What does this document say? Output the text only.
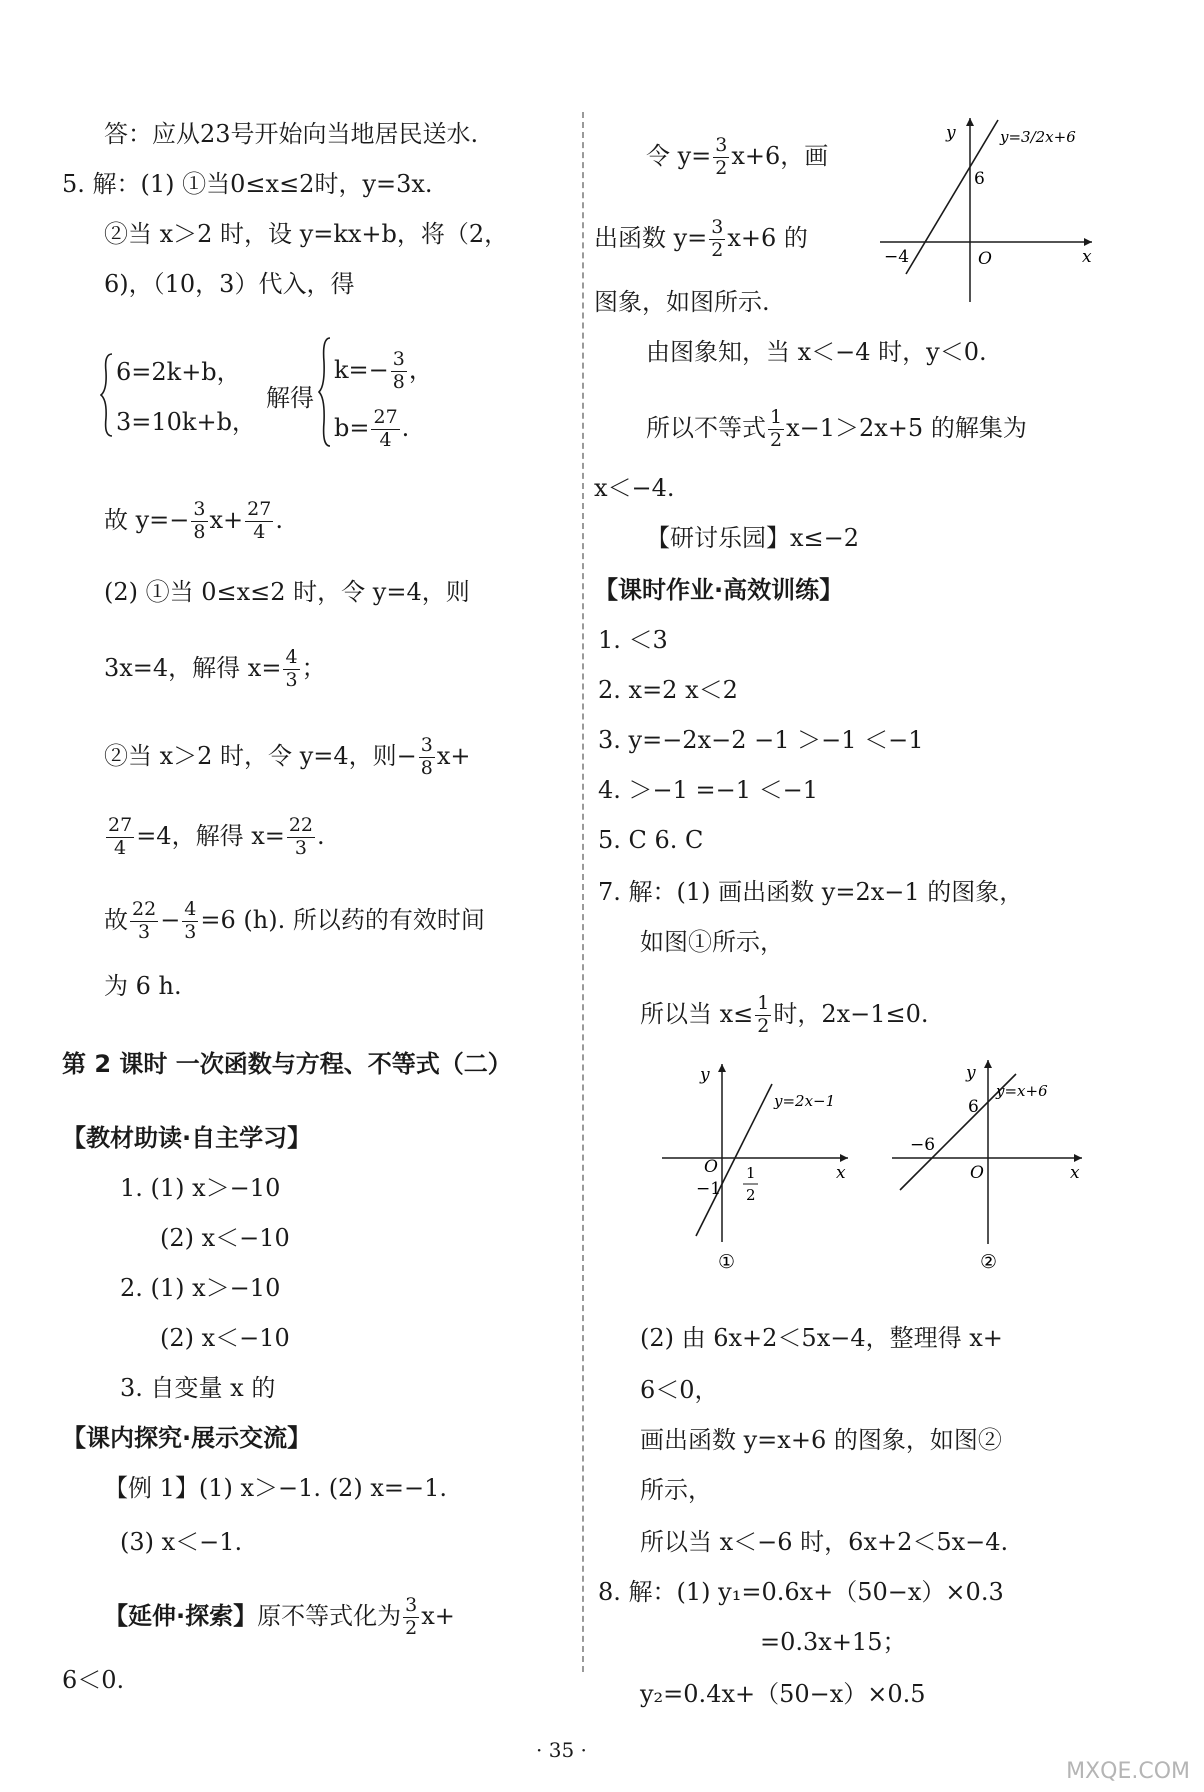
答：应从23号开始向当地居民送水.
5. 解：(1) ①当0≤x≤2时，y=3x.
②当 x＞2 时，设 y=kx+b，将（2，
6)，（10，3）代入，得
6=2k+b，
3=10k+b，
解得
$k=- \frac{3}{8}$ ，
$b= \frac{27}{4}$ .
故 $y=- \frac{3}{8} x+ \frac{27}{4}$ .
(2) ①当 0≤x≤2 时，令 y=4，则
3x=4，解得 $x= \frac{4}{3}$ ；
②当 x＞2 时，令 y=4，则− $\frac{3}{8} x+$
$\frac{27}{4} =4$，解得 $x= \frac{22}{3}$ .
故 $\frac{22}{3} - \frac{4}{3} =6$ (h). 所以药的有效时间
为 6 h.
第 2 课时 一次函数与方程、不等式（二）
【教材助读·自主学习】
1. (1) x＞−10
(2) x＜−10
2. (1) x＞−10
(2) x＜−10
3. 自变量 x 的
【课内探究·展示交流】
【例 1】(1) x＞−1. (2) x=−1.
(3) x＜−1.
【延伸·探索】原不等式化为 $\frac{3}{2} x+$
6＜0.
令 $y= \frac{3}{2} x+6$，画
出函数 $y= \frac{3}{2} x+6$ 的
图象，如图所示.
y
x
O
6
−4
y=3/2x+6
由图象知，当 x＜−4 时，y＜0.
所以不等式 $\frac{1}{2} x-1>2x+5$ 的解集为
x＜−4.
【研讨乐园】x≤−2
【课时作业·高效训练】
1. ＜3
2. x=2 x＜2
3. y=−2x−2 −1 ＞−1 ＜−1
4. ＞−1 =−1 ＜−1
5. C 6. C
7. 解：(1) 画出函数 y=2x−1 的图象，
如图①所示，
所以当 $x\le \frac{1}{2}$ 时，2x−1≤0.
y
x
O
−1
1
2
y=2x−1
①
y
x
O
6
−6
y=x+6
②
(2) 由 6x+2＜5x−4，整理得 x+
6＜0，
画出函数 y=x+6 的图象，如图②
所示，
所以当 x＜−6 时，6x+2＜5x−4.
8. 解：(1) y₁=0.6x+（50−x）×0.3
=0.3x+15；
y₂=0.4x+（50−x）×0.5
· 35 ·
MXQE.COM
